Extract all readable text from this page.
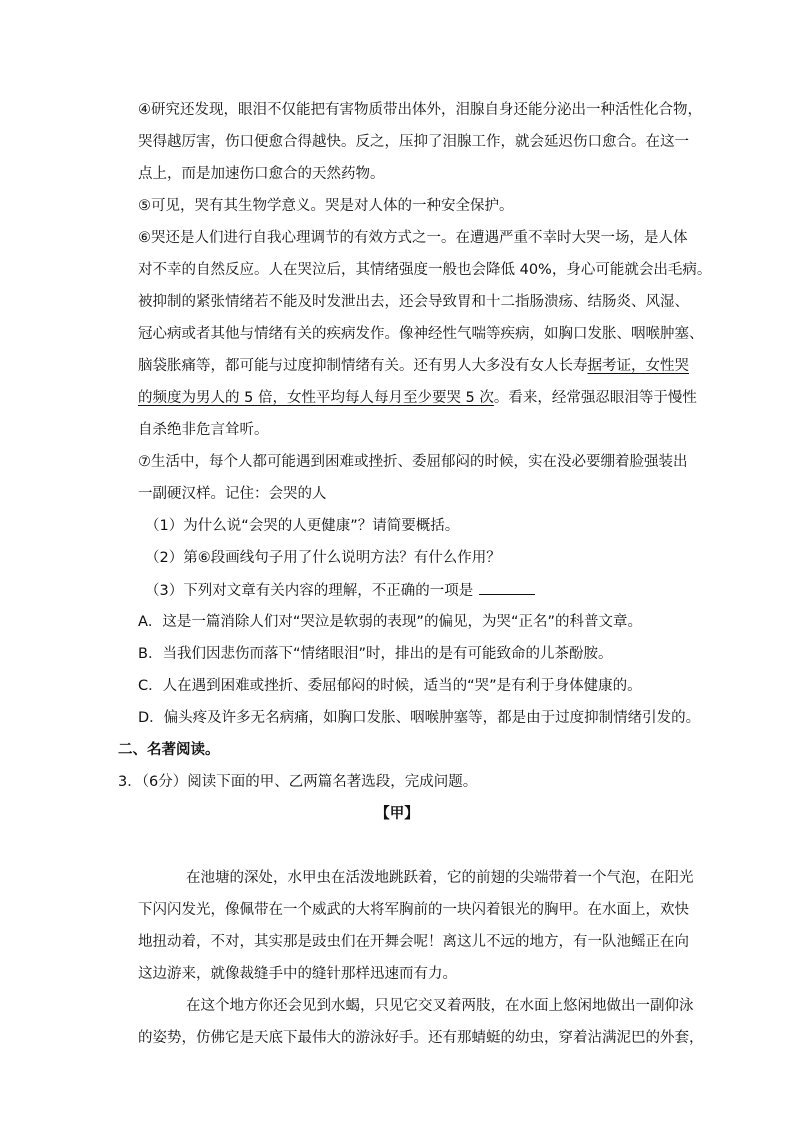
④研究还发现，眼泪不仅能把有害物质带出体外，泪腺自身还能分泌出一种活性化合物，
哭得越厉害，伤口便愈合得越快。反之，压抑了泪腺工作，就会延迟伤口愈合。在这一
点上，而是加速伤口愈合的天然药物。
⑤可见，哭有其生物学意义。哭是对人体的一种安全保护。
⑥哭还是人们进行自我心理调节的有效方式之一。在遭遇严重不幸时大哭一场，是人体
对不幸的自然反应。人在哭泣后，其情绪强度一般也会降低 40%，身心可能就会出毛病。
被抑制的紧张情绪若不能及时发泄出去，还会导致胃和十二指肠溃疡、结肠炎、风湿、
冠心病或者其他与情绪有关的疾病发作。像神经性气喘等疾病，如胸口发胀、咽喉肿塞、
脑袋胀痛等，都可能与过度抑制情绪有关。还有男人大多没有女人长寿据考证，女性哭
的频度为男人的 5 倍，女性平均每人每月至少要哭 5 次。看来，经常强忍眼泪等于慢性
自杀绝非危言耸听。
⑦生活中，每个人都可能遇到困难或挫折、委屈郁闷的时候，实在没必要绷着脸强装出
一副硬汉样。记住：会哭的人
（1）为什么说“会哭的人更健康”？请简要概括。
（2）第⑥段画线句子用了什么说明方法？有什么作用？
（3）下列对文章有关内容的理解，不正确的一项是
A．这是一篇消除人们对“哭泣是软弱的表现”的偏见，为哭“正名”的科普文章。
B．当我们因悲伤而落下“情绪眼泪”时，排出的是有可能致命的儿茶酚胺。
C．人在遇到困难或挫折、委屈郁闷的时候，适当的“哭”是有利于身体健康的。
D．偏头疼及许多无名病痛，如胸口发胀、咽喉肿塞等，都是由于过度抑制情绪引发的。
二、名著阅读。
3．（6分）阅读下面的甲、乙两篇名著选段，完成问题。
【甲】
在池塘的深处，水甲虫在活泼地跳跃着，它的前翅的尖端带着一个气泡，在阳光
下闪闪发光，像佩带在一个威武的大将军胸前的一块闪着银光的胸甲。在水面上，欢快
地扭动着，不对，其实那是豉虫们在开舞会呢！离这儿不远的地方，有一队池鳐正在向
这边游来，就像裁缝手中的缝针那样迅速而有力。
在这个地方你还会见到水蝎，只见它交叉着两肢，在水面上悠闲地做出一副仰泳
的姿势，仿佛它是天底下最伟大的游泳好手。还有那蜻蜓的幼虫，穿着沾满泥巴的外套，
